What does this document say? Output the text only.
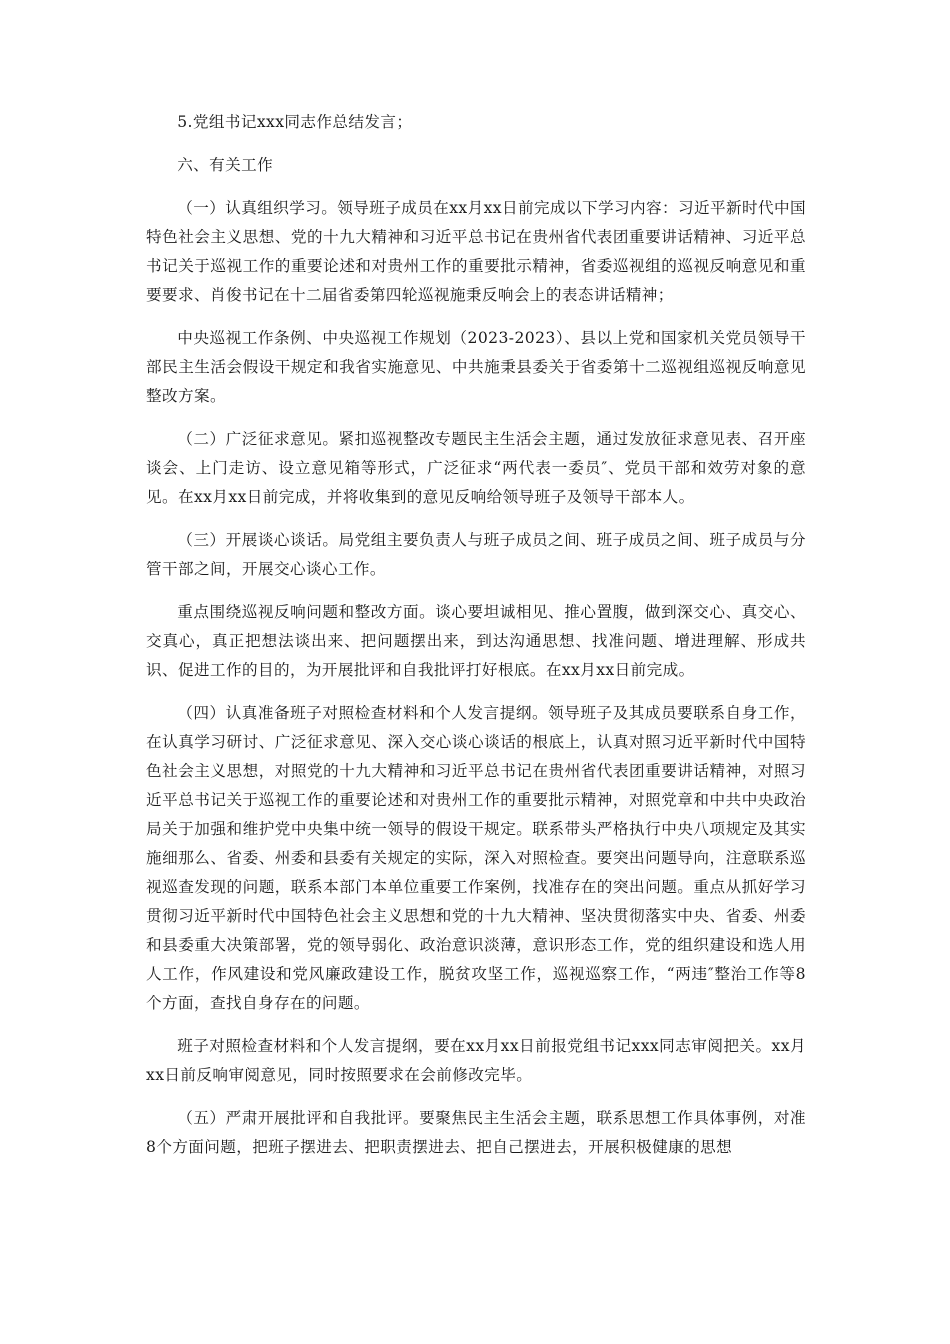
5.党组书记xxx同志作总结发言；

六、有关工作

（一）认真组织学习。领导班子成员在xx月xx日前完成以下学习内容：习近平新时代中国特色社会主义思想、党的十九大精神和习近平总书记在贵州省代表团重要讲话精神、习近平总书记关于巡视工作的重要论述和对贵州工作的重要批示精神，省委巡视组的巡视反响意见和重要要求、肖俊书记在十二届省委第四轮巡视施秉反响会上的表态讲话精神；

中央巡视工作条例、中央巡视工作规划（2023-2023）、县以上党和国家机关党员领导干部民主生活会假设干规定和我省实施意见、中共施秉县委关于省委第十二巡视组巡视反响意见整改方案。

（二）广泛征求意见。紧扣巡视整改专题民主生活会主题，通过发放征求意见表、召开座谈会、上门走访、设立意见箱等形式，广泛征求“两代表一委员″、党员干部和效劳对象的意见。在xx月xx日前完成，并将收集到的意见反响给领导班子及领导干部本人。

（三）开展谈心谈话。局党组主要负责人与班子成员之间、班子成员之间、班子成员与分管干部之间，开展交心谈心工作。

重点围绕巡视反响问题和整改方面。谈心要坦诚相见、推心置腹，做到深交心、真交心、交真心，真正把想法谈出来、把问题摆出来，到达沟通思想、找准问题、增进理解、形成共识、促进工作的目的，为开展批评和自我批评打好根底。在xx月xx日前完成。

（四）认真准备班子对照检查材料和个人发言提纲。领导班子及其成员要联系自身工作，在认真学习研讨、广泛征求意见、深入交心谈心谈话的根底上，认真对照习近平新时代中国特色社会主义思想，对照党的十九大精神和习近平总书记在贵州省代表团重要讲话精神，对照习近平总书记关于巡视工作的重要论述和对贵州工作的重要批示精神，对照党章和中共中央政治局关于加强和维护党中央集中统一领导的假设干规定。联系带头严格执行中央八项规定及其实施细那么、省委、州委和县委有关规定的实际，深入对照检查。要突出问题导向，注意联系巡视巡查发现的问题，联系本部门本单位重要工作案例，找准存在的突出问题。重点从抓好学习贯彻习近平新时代中国特色社会主义思想和党的十九大精神、坚决贯彻落实中央、省委、州委和县委重大决策部署，党的领导弱化、政治意识淡薄，意识形态工作，党的组织建设和选人用人工作，作风建设和党风廉政建设工作，脱贫攻坚工作，巡视巡察工作，“两违″整治工作等8个方面，查找自身存在的问题。

班子对照检查材料和个人发言提纲，要在xx月xx日前报党组书记xxx同志审阅把关。xx月xx日前反响审阅意见，同时按照要求在会前修改完毕。

（五）严肃开展批评和自我批评。要聚焦民主生活会主题，联系思想工作具体事例，对准8个方面问题，把班子摆进去、把职责摆进去、把自己摆进去，开展积极健康的思想
